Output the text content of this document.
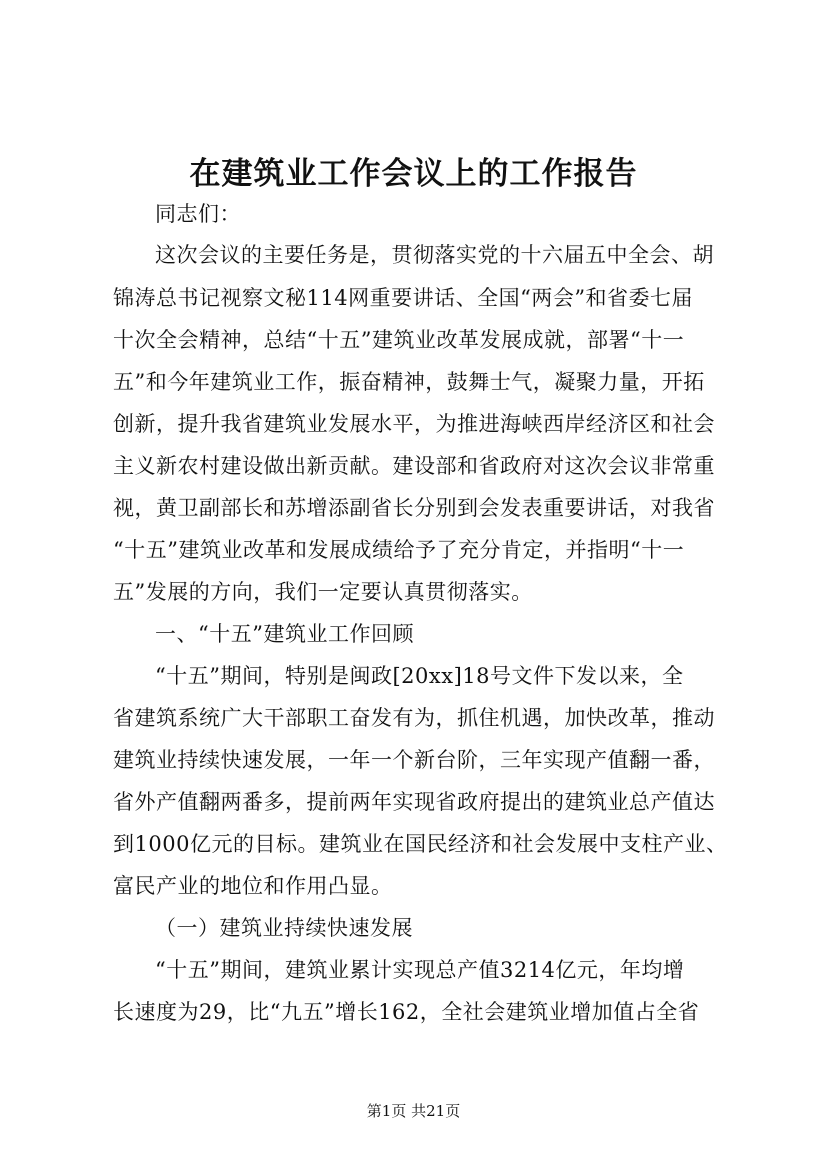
在建筑业工作会议上的工作报告
同志们：
这次会议的主要任务是，贯彻落实党的十六届五中全会、胡
锦涛总书记视察文秘114网重要讲话、全国“两会”和省委七届
十次全会精神，总结“十五”建筑业改革发展成就，部署“十一
五”和今年建筑业工作，振奋精神，鼓舞士气，凝聚力量，开拓
创新，提升我省建筑业发展水平，为推进海峡西岸经济区和社会
主义新农村建设做出新贡献。建设部和省政府对这次会议非常重
视，黄卫副部长和苏增添副省长分别到会发表重要讲话，对我省
“十五”建筑业改革和发展成绩给予了充分肯定，并指明“十一
五”发展的方向，我们一定要认真贯彻落实。
一、“十五”建筑业工作回顾
“十五”期间，特别是闽政[20xx]18号文件下发以来，全
省建筑系统广大干部职工奋发有为，抓住机遇，加快改革，推动
建筑业持续快速发展，一年一个新台阶，三年实现产值翻一番，
省外产值翻两番多，提前两年实现省政府提出的建筑业总产值达
到1000亿元的目标。建筑业在国民经济和社会发展中支柱产业、
富民产业的地位和作用凸显。
（一）建筑业持续快速发展
“十五”期间，建筑业累计实现总产值3214亿元，年均增
长速度为29，比“九五”增长162，全社会建筑业增加值占全省
第1页 共21页
